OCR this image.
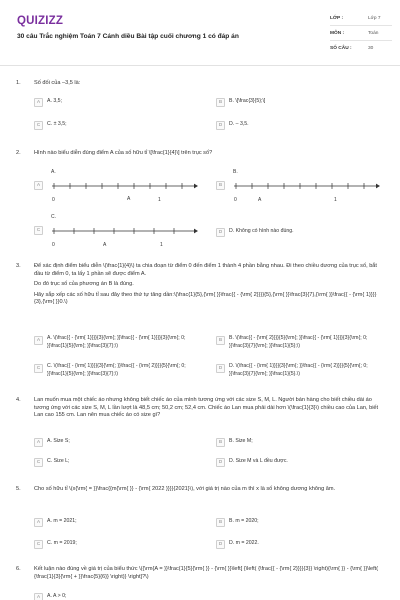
QUIZIZZ
30 câu Trắc nghiệm Toán 7 Cánh diều Bài tập cuối chương 1 có đáp án
LỚP :	Lớp 7
MÔN :	Toán
SỐ CÂU :	30
1. Số đối của –3,5 là:
A	A. 3,5;	B	B. \[\frac{3}{5};\]
C	C. ± 3,5;	D	D. – 3,5.
2. Hình nào biểu diễn đúng điểm A của số hữu tỉ \[\frac{1}{4}\] trên trục số?
A
A.
0	A	1
B
B.
0	A	1
C
C.
0	A	1
D	D. Không có hình nào đúng.
3. Để xác định điểm biểu diễn \(\frac{1}{4}\) ta chia đoạn từ điểm 0 đến điểm 1 thành 4 phần bằng nhau. Đi theo chiều dương của trục số, bắt đầu từ điểm 0, ta lấy 1 phần sẽ được điểm A.

Do đó trục số của phương án B là đúng.

Hãy sắp xếp các số hữu tỉ sau đây theo thứ tự tăng dần:\(\frac{1}{5},{\rm{ }}\frac{{ - {\rm{ 2}}}}{5},{\rm{ }}\frac{3}{7},{\rm{ }}\frac{{ - {\rm{ 1}}}}{3},{\rm{ }}0.\)

A	A. \(\frac{{ - {\rm{ 1}}}}{3}{\rm{; }}\frac{{ - {\rm{ 1}}}}{3}{\rm{; 0; }}\frac{1}{5}{\rm{; }}\frac{3}{7};\)
B	B. \(\frac{{ - {\rm{ 2}}}}{5}{\rm{; }}\frac{{ - {\rm{ 1}}}}{3}{\rm{; 0; }}\frac{3}{7}{\rm{; }}\frac{1}{5};\)
C	C. \(\frac{{ - {\rm{ 1}}}}{3}{\rm{; }}\frac{{ - {\rm{ 2}}}}{5}{\rm{; 0; }}\frac{1}{5}{\rm{; }}\frac{3}{7};\)
D	D. \(\frac{{ - {\rm{ 1}}}}{3}{\rm{; }}\frac{{ - {\rm{ 2}}}}{5}{\rm{; 0; }}\frac{3}{7}{\rm{; }}\frac{1}{5}.\)
4. Lan muốn mua một chiếc áo nhưng không biết chiếc áo của mình tương ứng với các size S, M, L. Người bán hàng cho biết chiều dài áo tương ứng với các size S, M, L lần lượt là 48,5 cm; 50,2 cm; 52,4 cm. Chiếc áo Lan mua phải dài hơn \(\frac{1}{3}\) chiều cao của Lan, biết Lan cao 155 cm. Lan nên mua chiếc áo có size gì?
A	A. Size S;	B	B. Size M;
C	C. Size L;	D	D. Size M và L đều được.
5. Cho số hữu tỉ \(x{\rm{ = }}\frac{{m{\rm{ }} - {\rm{ 2022 }}}}{2021}\), với giá trị nào của m thì x là số không dương không âm.
A	A. m = 2021;	B	B. m = 2020;
C	C. m = 2019;	D	D. m = 2022.
6. Kết luận nào đúng về giá trị của biểu thức \({\rm{A = }}\frac{1}{5}{\rm{ }} - {\rm{ }}\left[ {\left( {\frac{{ - {\rm{ 2}}}}{3}} \right){\rm{ }} - {\rm{ }}\left( {\frac{1}{3}{\rm{ + }}\frac{5}{6}} \right)} \right]?\)
A	A. A > 0;
